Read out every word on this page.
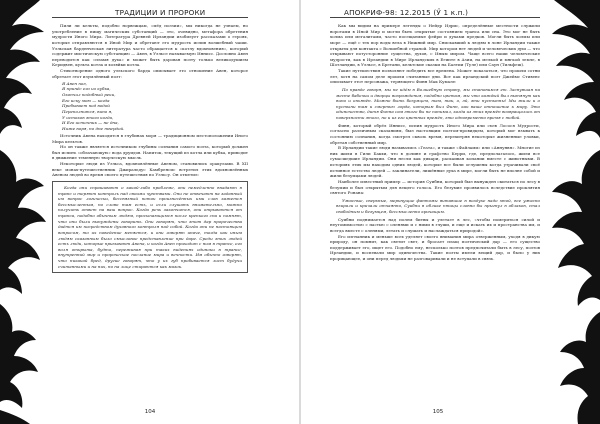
ТРАДИЦИИ И ПРОРОКИ

Пили ли кельты, подобно норвежцам, «мёд поэзии», мы никогда не узнаем, но употребление в пищу магических субстанций — это, очевидно, метафора обретения мудрости Иного Мира. Литература Древней Ирландии изобилует рассказами о героях, которые отправляются в Иной Мир и обретают его мудрость испив волшебный чаши. Уэльская барденческая литература часто обращается к «котлу вдохновения», который содержит мистическую субстанцию — Авен, в Уэльсе называемую Иннисс. Дословно Авен переводится как «пламя духа» и может быть дарован поэту только великодушием Керидвен, культа котла и хозяйки котла.

Стихотворение одного уэльского барда описывает это отношение Авен, которое обретает этот изумлённый поэт:

Я Авен поэ,
Я принёс его из кубка,
Окончил подобный реки,
Его иску мою — когда
Пребывает под водой
Переполнится, вино я,
У истоков этого когда,
И Его источник — не дна,
Ниже воря, но дне твердой.

Источник Авена находится в глубинах моря — традиционном местоположении Иного Мира кельтов.

Но он также является источником глубины сознания самого поэта, который должен был испить «облачающую» вода друидов. Напиток, текущий из котла или кубка, приводит в движение теменную творческую мысль.

Некоторые люди из Уэльса, вдохновлённые Авеном, становились оракулами. В XII веке монах-путешественник Джиральдус Камбренсис встретил этих вдохновлённых Авеном людей во время своего путешествия по Уэльсу. Он отметил:

Когда они спрашивают о какой-либо проблеме, они немедленно впадают в транс и теряют контроль над своими чувствами. Они не отвечают на заданный им вопрос логически, бессвязный поток произнесённых ими слов кажется бессмысленным, но слово там есть, и если слушать внимательно, можно получить ответ на ваш вопрос. Когда речь закончится, они отрываются от транса, подобно обычным людям, просыпающимся после крепкого сна и помнят, что они были вынуждены говорить. Они говорят, что этот дар пророчества даётся им посредством духовного контроля над собой. Когда они не настоящим вопросом, то их поведение меняется, и они говорят иначе, тогда как иным людям сказанным было смысловое представление при даре. Среди этих людей есть люди, которые призывают Авена, и когда Авен приходит с ним в трансе, его воля открыта, будто, переживая при таких видениях одиноки в трансе, внутренний мир и пророческое послание мира и вечности. Им обычно говорят, что никакой бред, другие говорят, что у их губ пробивается лист будучи считанными и на них, но на лице стираются как мазок.

104
АПОКРИФ-98: 12.2015 (Ӳ 1 к.п.)

Как мы видим на примере легенды о Нейдр Идрис, определённые местности служили воротами в Иной Мир и могли быть открытые состоянием транса или сна. Это мог не быть холма или мегалитами, часто посещаемые фейри и духами предков. Могли быть холмы или море — ещё с тех пор воды вела в Нижний мир. Снискавший к людям в лоне Ирландии также открыты для контакта с Волшебной страной. Мир котором нет людей и человеческих душ — что открывают потусторонние существа, духов, с Иным миром. Чаще всего наши человеческие мудрости, как в Ирландии в Мире Ирландских в Египте в Азии, на мелкой и мягкой земле, в Шотландии, в Уэльсе, в Бретани, кельтские сказки на Балтии (Туле) или Саун (Тильфеш).

Такие путешествия позволяют победить все времена. Может показаться, что прошли сотни лет, хотя на самом деле прошли считанные дни. Вот как ирландский поэт Джеймс Стивенс описывает этот персонажа, теряющего Финн Мак Кумале:

По правде говоря, мы не идём в Волшебную страну, мы становимся ею. Заснувшая на месте бабочки и дворцы возрождения, подобно цветам, мы что каждый был вытянут как вино и опьянён. Можно быть безумцем, там, так, о, эй, эти пустынны! Мы жили и о пустыни там и смертью лорда, которым был Финн, как ваше отношение к миру. Это одиночество, дитя Финна сам этого бы не понимал, когда из этих времён возвращались от поверхности этого, но и из его цветных времён, это одновременно время с тобой.

Финн, который обрёл Иннисс, испив мудрость Иного Мира или съев Лосося Мудрости, согласно различным сказаниям, был настоящим поэтом-провидцем, который мог взывать к состоянию сознания, когда смотрел сквозь время, перехитряя некоторые жизненные уловки, обретая собственный мир.

В Ирландии такие люди назывались «Геата», и также «Файлами» или «Аннунвн». Многие из них жили в Гили Бакхи, что в долине и графство Керри, где, предполагалось, жили все сумасшедшие Ирландии. Они несли как дикари, раскаивая копании вместе с животными. В историях этих мы находим одних людей, которые все были оглушены когда утрачивали своё истинное естество людей — заклинатели, лишённые духа в мире, могли быть не вполне собой и жили безумцами людей.

Наиболее известный пример — история Суибни, который был вынужден скитаться по лесу в безумии и был открытым для вещего голоса. Его безумие проявилось вследствие проклятия святого Ронана:

Ужасные, сверхные, меркнущие фантомы витавшие в воздухе надо мной, все ужасно взирали и кричали отчаянно, Суибни в облике птицы словно бы прыгнул в облаков, стал свободным и безумцем, бессмысленно кричащим.

Суибни поднимается над полем битвы и улетает в лес, «чтобы помериться силой и неутомимостью с пастью с оленями и с ними в глуши, и еще и искать их и пространства им, и всегда вместе с оленями, летать и слушать и наслаждаться природой».

Его изгнанник и меньше всех уделяет своего внимания мира отверженным, уходя в дикую природу, он помнит, как светит свет, и бросает плащ поэтический дар — его существо поддерживает его, ищет его. Подобно ему, несколько поэтов предпочитали быть в лесу, поэтов Ирландии, и воспевали мир одиночества. Такие поэты имели вещий дар, и было у них прорицающее, и они перед людьми не разговаривали и не вступали в связь.

105
